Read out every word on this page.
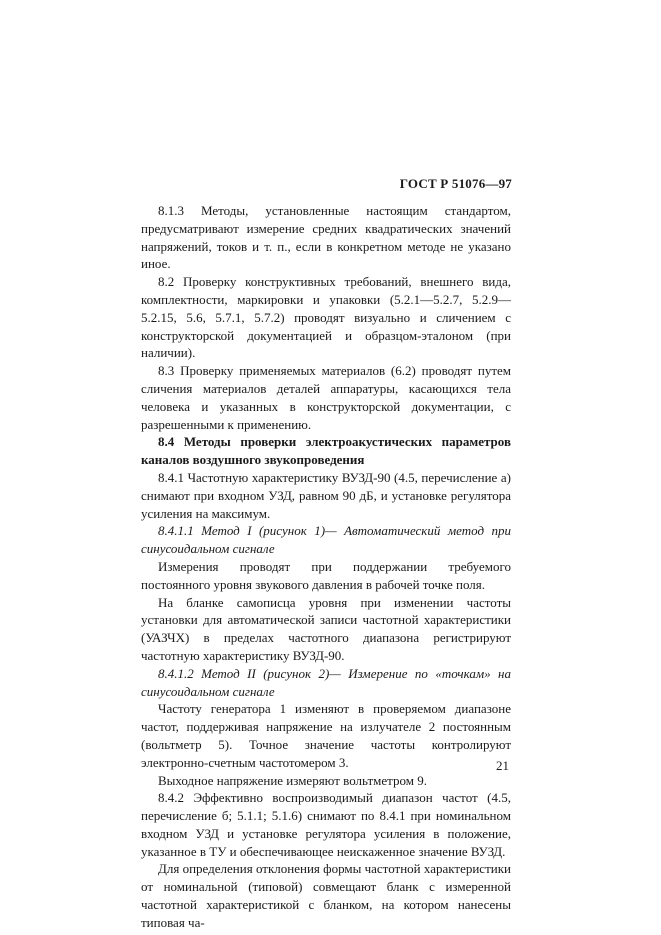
ГОСТ Р 51076—97

8.1.3 Методы, установленные настоящим стандартом, предусматривают измерение средних квадратических значений напряжений, токов и т. п., если в конкретном методе не указано иное.

8.2 Проверку конструктивных требований, внешнего вида, комплектности, маркировки и упаковки (5.2.1—5.2.7, 5.2.9—5.2.15, 5.6, 5.7.1, 5.7.2) проводят визуально и сличением с конструкторской документацией и образцом-эталоном (при наличии).

8.3 Проверку применяемых материалов (6.2) проводят путем сличения материалов деталей аппаратуры, касающихся тела человека и указанных в конструкторской документации, с разрешенными к применению.

8.4 Методы проверки электроакустических параметров каналов воздушного звукопроведения

8.4.1 Частотную характеристику ВУЗД-90 (4.5, перечисление а) снимают при входном УЗД, равном 90 дБ, и установке регулятора усиления на максимум.

8.4.1.1 Метод I (рисунок 1)— Автоматический метод при синусоидальном сигнале

Измерения проводят при поддержании требуемого постоянного уровня звукового давления в рабочей точке поля.

На бланке самописца уровня при изменении частоты установки для автоматической записи частотной характеристики (УАЗЧХ) в пределах частотного диапазона регистрируют частотную характеристику ВУЗД-90.

8.4.1.2 Метод II (рисунок 2)— Измерение по «точкам» на синусоидальном сигнале

Частоту генератора 1 изменяют в проверяемом диапазоне частот, поддерживая напряжение на излучателе 2 постоянным (вольтметр 5). Точное значение частоты контролируют электронно-счетным частотомером 3.

Выходное напряжение измеряют вольтметром 9.

8.4.2 Эффективно воспроизводимый диапазон частот (4.5, перечисление б; 5.1.1; 5.1.6) снимают по 8.4.1 при номинальном входном УЗД и установке регулятора усиления в положение, указанное в ТУ и обеспечивающее неискаженное значение ВУЗД.

Для определения отклонения формы частотной характеристики от номинальной (типовой) совмещают бланк с измеренной частотной характеристикой с бланком, на котором нанесены типовая ча-

21
